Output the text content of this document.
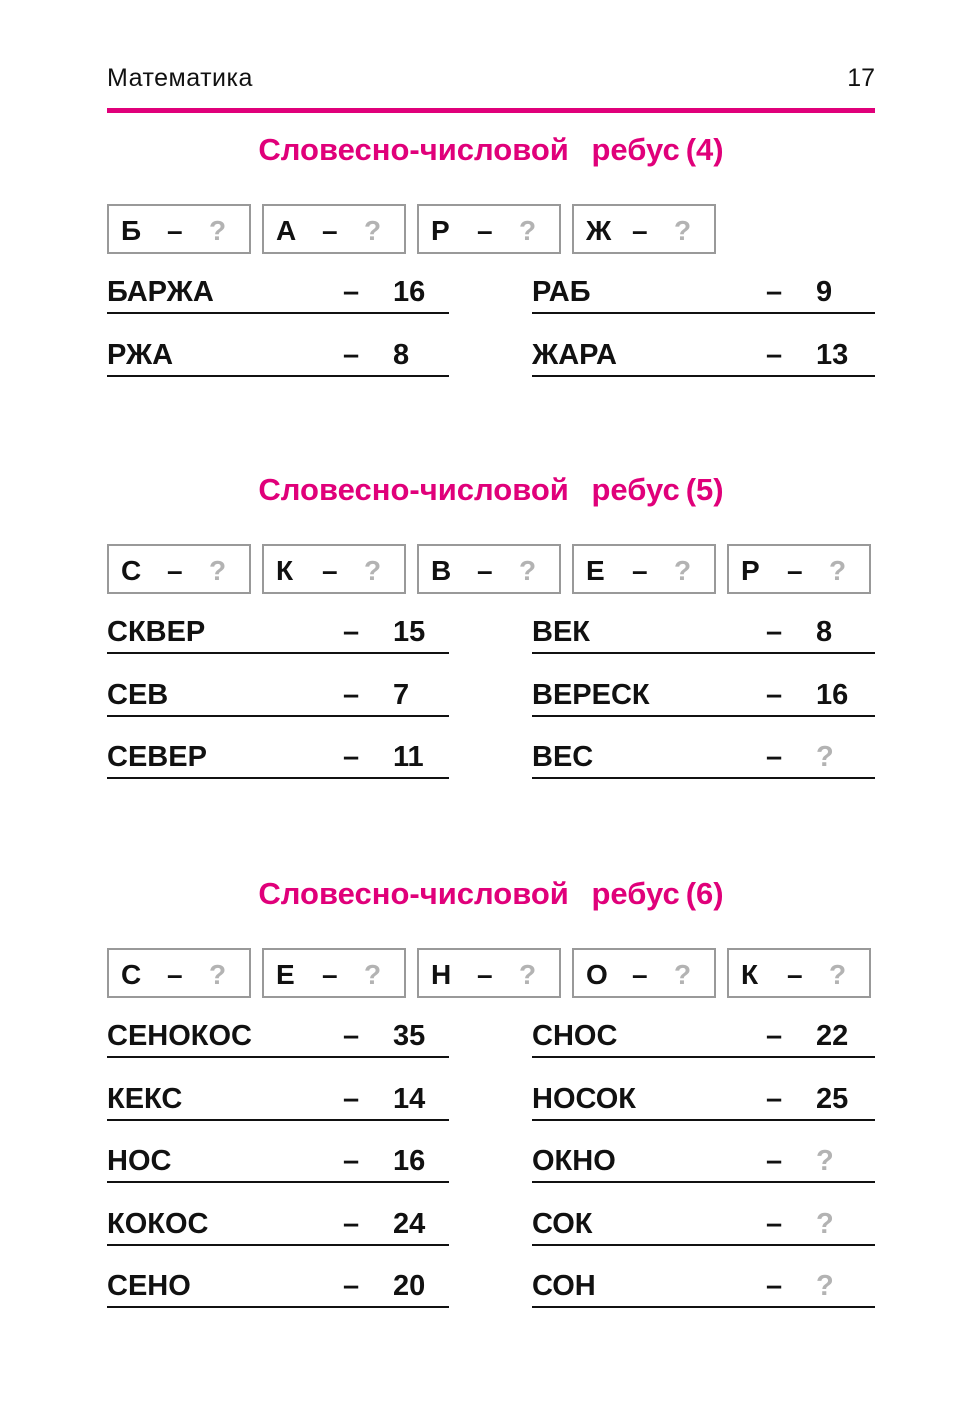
Математика	17
Словесно-числовой ребус (4)
Б – ? А – ? Р – ? Ж – ?
БАРЖА	– 16
РЖА	– 8
РАБ	– 9
ЖАРА	– 13
Словесно-числовой ребус (5)
С – ? К – ? В – ? Е – ? Р – ?
СКВЕР	– 15
СЕВ	– 7
СЕВЕР	– 11
ВЕК	– 8
ВЕРЕСК	– 16
ВЕС	– ?
Словесно-числовой ребус (6)
С – ? Е – ? Н – ? О – ? К – ?
СЕНОКОС	– 35
КЕКС	– 14
НОС	– 16
КОКОС	– 24
СЕНО	– 20
СНОС	– 22
НОСОК	– 25
ОКНО	– ?
СОК	– ?
СОН	– ?
